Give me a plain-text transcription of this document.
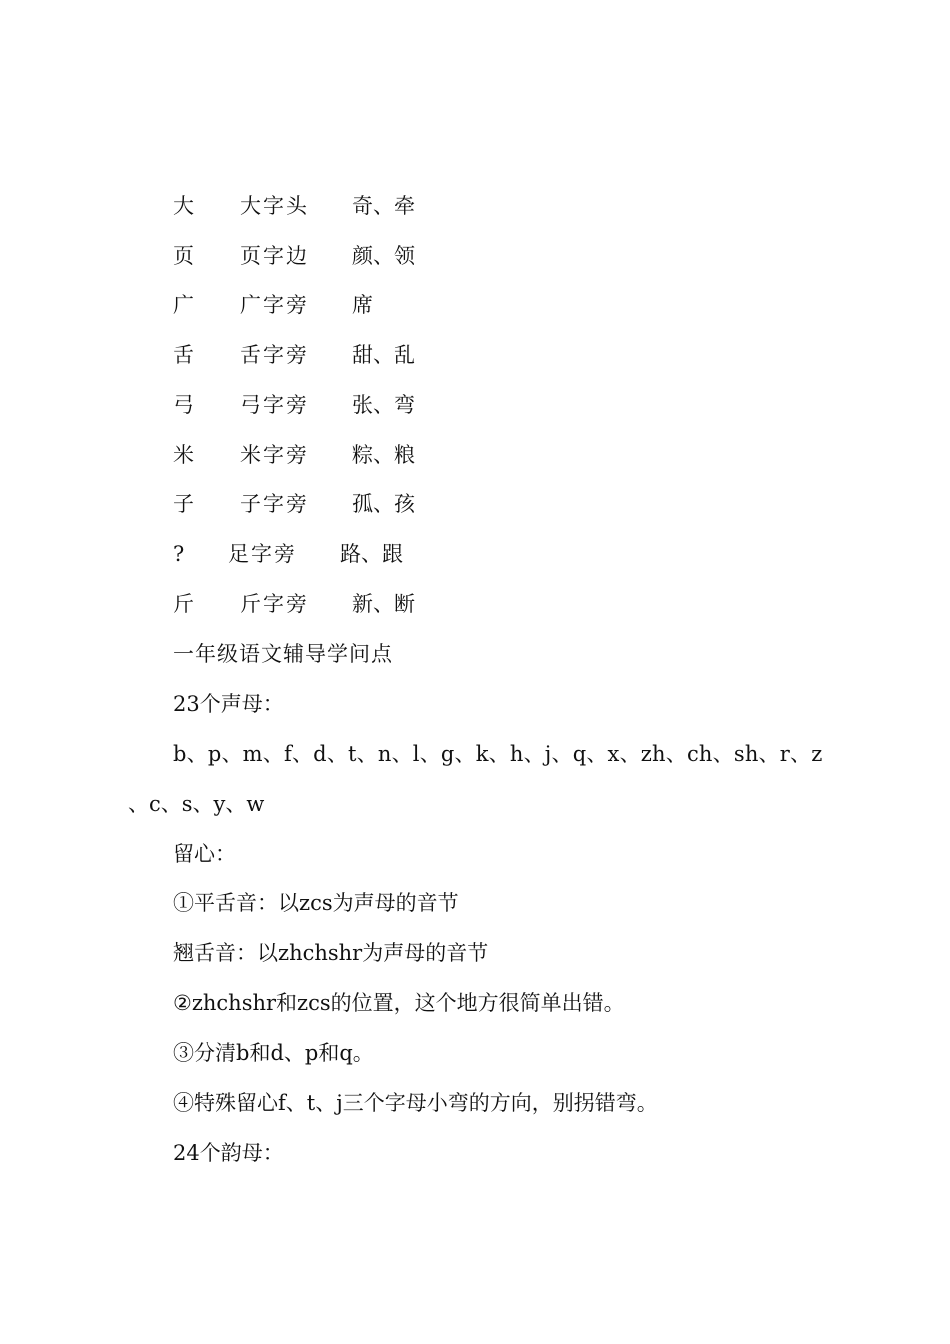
大 大字头 奇、牵
页 页字边 颜、领
广 广字旁 席
舌 舌字旁 甜、乱
弓 弓字旁 张、弯
米 米字旁 粽、粮
子 子字旁 孤、孩
? 足字旁 路、跟
斤 斤字旁 新、断
一年级语文辅导学问点
23个声母：
b、p、m、f、d、t、n、l、g、k、h、j、q、x、zh、ch、sh、r、z
、c、s、y、w
留心：
①平舌音：以zcs为声母的音节
翘舌音：以zhchshr为声母的音节
②zhchshr和zcs的位置，这个地方很简单出错。
③分清b和d、p和q。
④特殊留心f、t、j三个字母小弯的方向，别拐错弯。
24个韵母：
